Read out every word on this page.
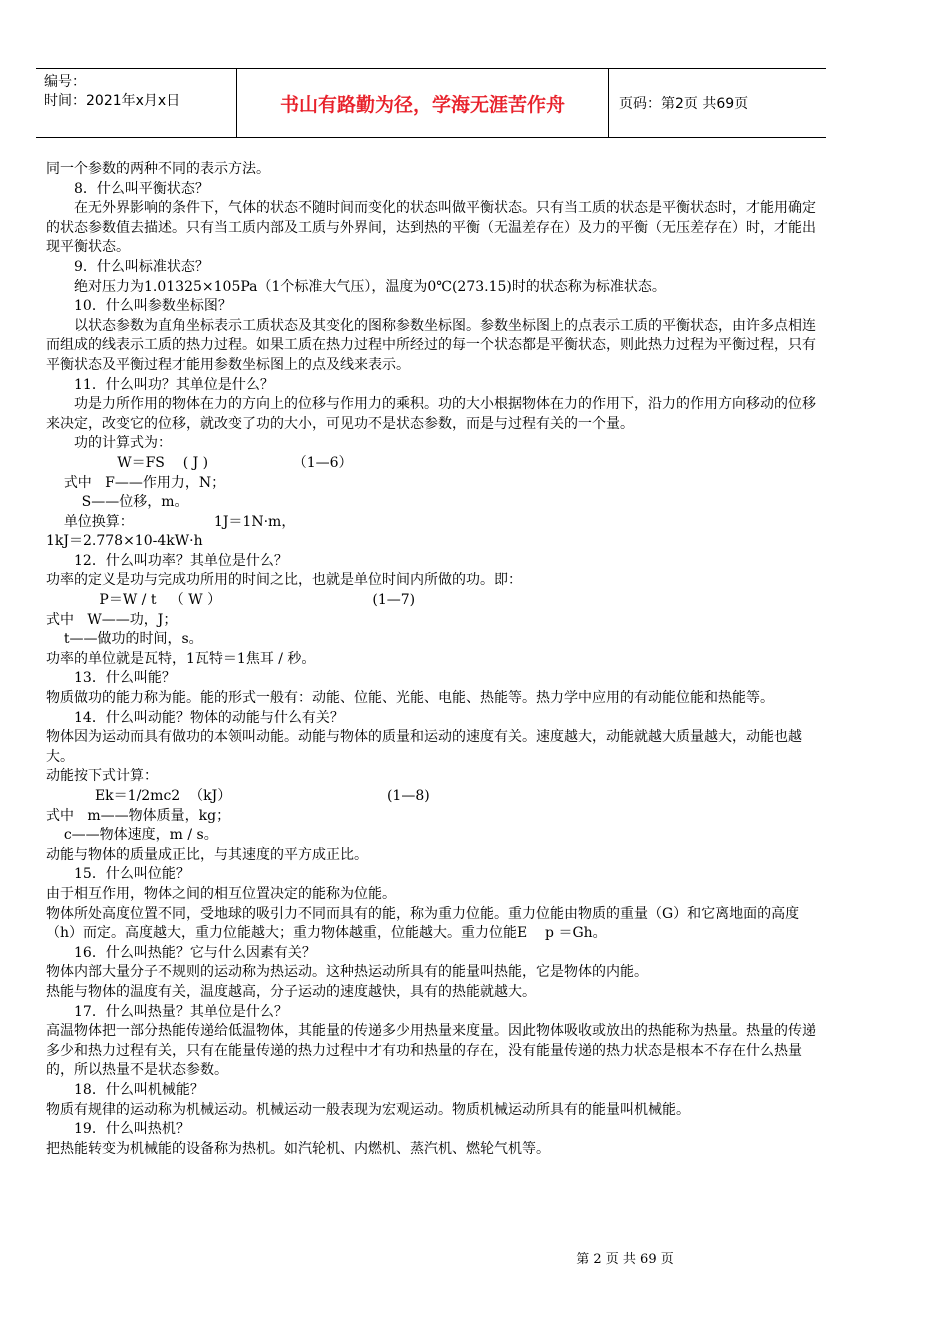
编号：
时间：2021年x月x日	书山有路勤为径，学海无涯苦作舟	页码：第2页 共69页

同一个参数的两种不同的表示方法。

8．什么叫平衡状态？

在无外界影响的条件下，气体的状态不随时间而变化的状态叫做平衡状态。只有当工质的状态是平衡状态时，才能用确定的状态参数值去描述。只有当工质内部及工质与外界间，达到热的平衡（无温差存在）及力的平衡（无压差存在）时，才能出现平衡状态。

9．什么叫标准状态？

绝对压力为1.01325×105Pa（1个标准大气压），温度为0℃(273.15)时的状态称为标准状态。

10．什么叫参数坐标图？

以状态参数为直角坐标表示工质状态及其变化的图称参数坐标图。参数坐标图上的点表示工质的平衡状态，由许多点相连而组成的线表示工质的热力过程。如果工质在热力过程中所经过的每一个状态都是平衡状态，则此热力过程为平衡过程，只有平衡状态及平衡过程才能用参数坐标图上的点及线来表示。

11．什么叫功？其单位是什么？

功是力所作用的物体在力的方向上的位移与作用力的乘积。功的大小根据物体在力的作用下，沿力的作用方向移动的位移来决定，改变它的位移，就改变了功的大小，可见功不是状态参数，而是与过程有关的一个量。

功的计算式为：

W＝FS    ( J )                   （1—6）

式中   F——作用力，N；

S——位移，m。

单位换算：                  1J＝1N·m，

1kJ＝2.778×10-4kW·h

12．什么叫功率？其单位是什么？

功率的定义是功与完成功所用的时间之比，也就是单位时间内所做的功。即：

P＝W / t   （ W ）                                  (1—7)

式中   W——功，J；

t——做功的时间，s。

功率的单位就是瓦特，1瓦特＝1焦耳 / 秒。

13．什么叫能？

物质做功的能力称为能。能的形式一般有：动能、位能、光能、电能、热能等。热力学中应用的有动能位能和热能等。

14．什么叫动能？物体的动能与什么有关？

物体因为运动而具有做功的本领叫动能。动能与物体的质量和运动的速度有关。速度越大，动能就越大质量越大，动能也越大。

动能按下式计算：

Ek＝1/2mc2  （kJ）                                   (1—8)

式中   m——物体质量，kg；

c——物体速度，m / s。

动能与物体的质量成正比，与其速度的平方成正比。

15．什么叫位能？

由于相互作用，物体之间的相互位置决定的能称为位能。

物体所处高度位置不同，受地球的吸引力不同而具有的能，称为重力位能。重力位能由物质的重量（G）和它离地面的高度（h）而定。高度越大，重力位能越大；重力物体越重，位能越大。重力位能E    p ＝Gh。

16．什么叫热能？它与什么因素有关？

物体内部大量分子不规则的运动称为热运动。这种热运动所具有的能量叫热能，它是物体的内能。

热能与物体的温度有关，温度越高，分子运动的速度越快，具有的热能就越大。

17．什么叫热量？其单位是什么？

高温物体把一部分热能传递给低温物体，其能量的传递多少用热量来度量。因此物体吸收或放出的热能称为热量。热量的传递多少和热力过程有关，只有在能量传递的热力过程中才有功和热量的存在，没有能量传递的热力状态是根本不存在什么热量的，所以热量不是状态参数。

18．什么叫机械能？

物质有规律的运动称为机械运动。机械运动一般表现为宏观运动。物质机械运动所具有的能量叫机械能。

19．什么叫热机？

把热能转变为机械能的设备称为热机。如汽轮机、内燃机、蒸汽机、燃轮气机等。

第 2 页 共 69 页
